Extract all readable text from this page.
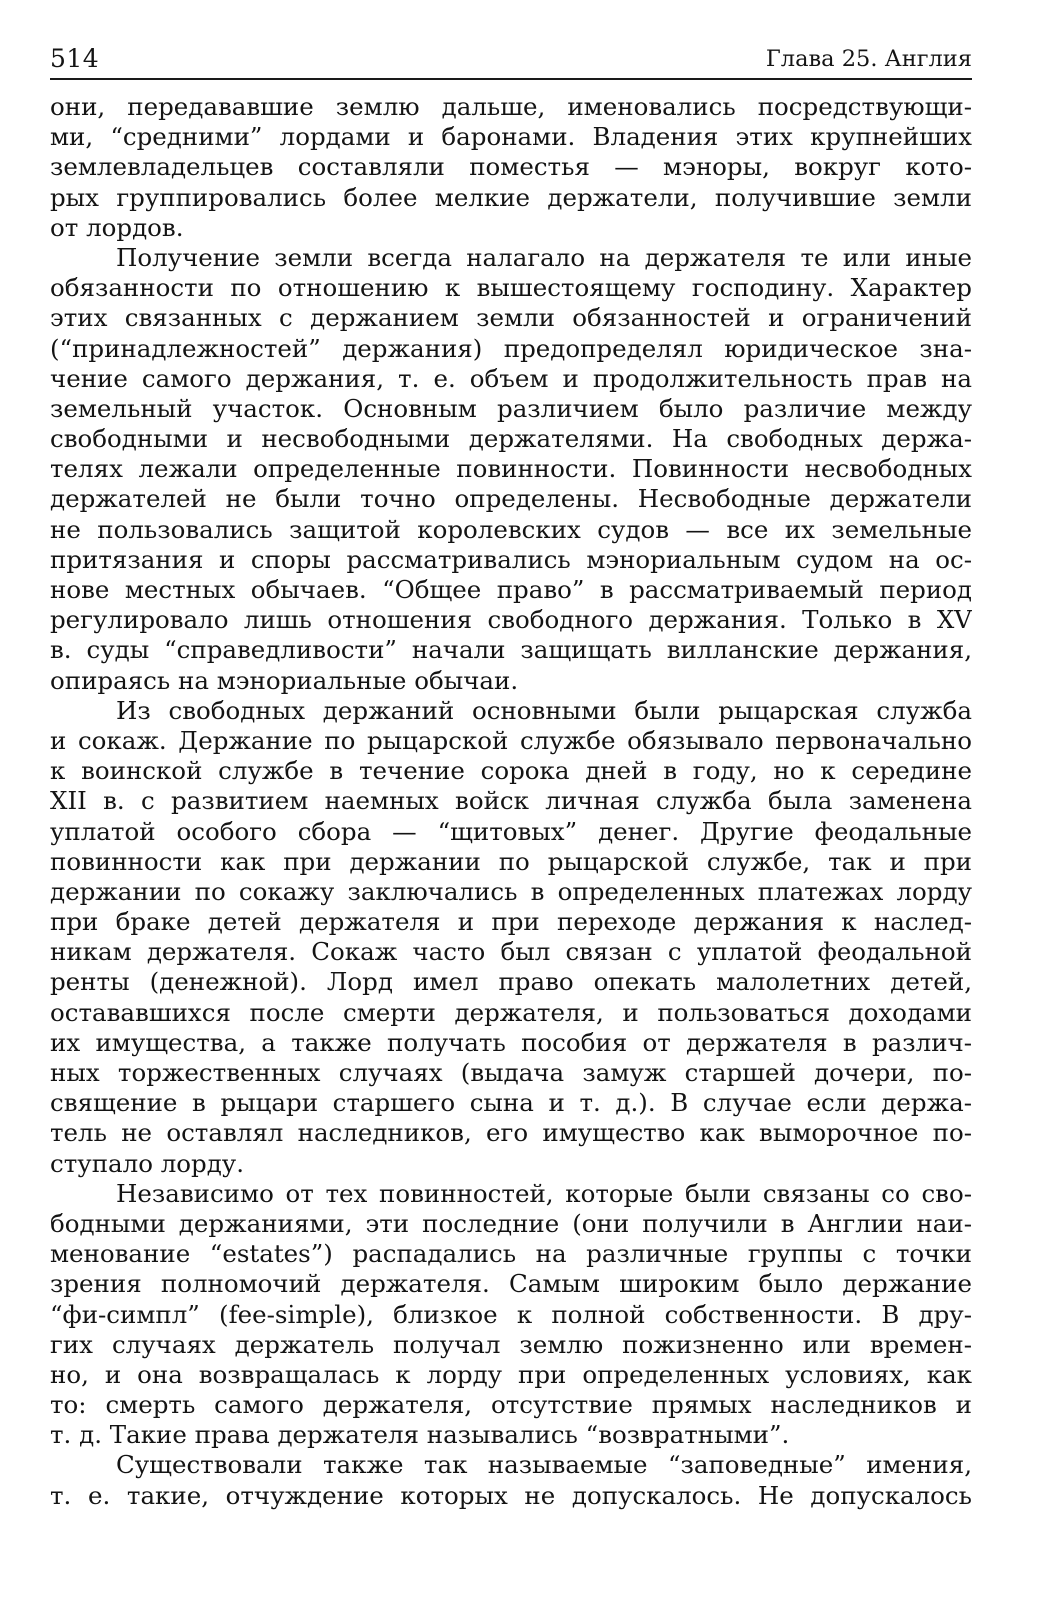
514	Глава 25. Англия
они, передававшие землю дальше, именовались посредствующи-
ми, “средними” лордами и баронами. Владения этих крупнейших
землевладельцев составляли поместья — мэноры, вокруг кото-
рых группировались более мелкие держатели, получившие земли
от лордов.
Получение земли всегда налагало на держателя те или иные
обязанности по отношению к вышестоящему господину. Характер
этих связанных с держанием земли обязанностей и ограничений
(“принадлежностей” держания) предопределял юридическое зна-
чение самого держания, т. е. объем и продолжительность прав на
земельный участок. Основным различием было различие между
свободными и несвободными держателями. На свободных держа-
телях лежали определенные повинности. Повинности несвободных
держателей не были точно определены. Несвободные держатели
не пользовались защитой королевских судов — все их земельные
притязания и споры рассматривались мэнориальным судом на ос-
нове местных обычаев. “Общее право” в рассматриваемый период
регулировало лишь отношения свободного держания. Только в XV
в. суды “справедливости” начали защищать вилланские держания,
опираясь на мэнориальные обычаи.
Из свободных держаний основными были рыцарская служба
и сокаж. Держание по рыцарской службе обязывало первоначально
к воинской службе в течение сорока дней в году, но к середине
XII в. с развитием наемных войск личная служба была заменена
уплатой особого сбора — “щитовых” денег. Другие феодальные
повинности как при держании по рыцарской службе, так и при
держании по сокажу заключались в определенных платежах лорду
при браке детей держателя и при переходе держания к наслед-
никам держателя. Сокаж часто был связан с уплатой феодальной
ренты (денежной). Лорд имел право опекать малолетних детей,
остававшихся после смерти держателя, и пользоваться доходами
их имущества, а также получать пособия от держателя в различ-
ных торжественных случаях (выдача замуж старшей дочери, по-
священие в рыцари старшего сына и т. д.). В случае если держа-
тель не оставлял наследников, его имущество как выморочное по-
ступало лорду.
Независимо от тех повинностей, которые были связаны со сво-
бодными держаниями, эти последние (они получили в Англии наи-
менование “estates”) распадались на различные группы с точки
зрения полномочий держателя. Самым широким было держание
“фи-симпл” (fee-simple), близкое к полной собственности. В дру-
гих случаях держатель получал землю пожизненно или времен-
но, и она возвращалась к лорду при определенных условиях, как
то: смерть самого держателя, отсутствие прямых наследников и
т. д. Такие права держателя назывались “возвратными”.
Существовали также так называемые “заповедные” имения,
т. е. такие, отчуждение которых не допускалось. Не допускалось
